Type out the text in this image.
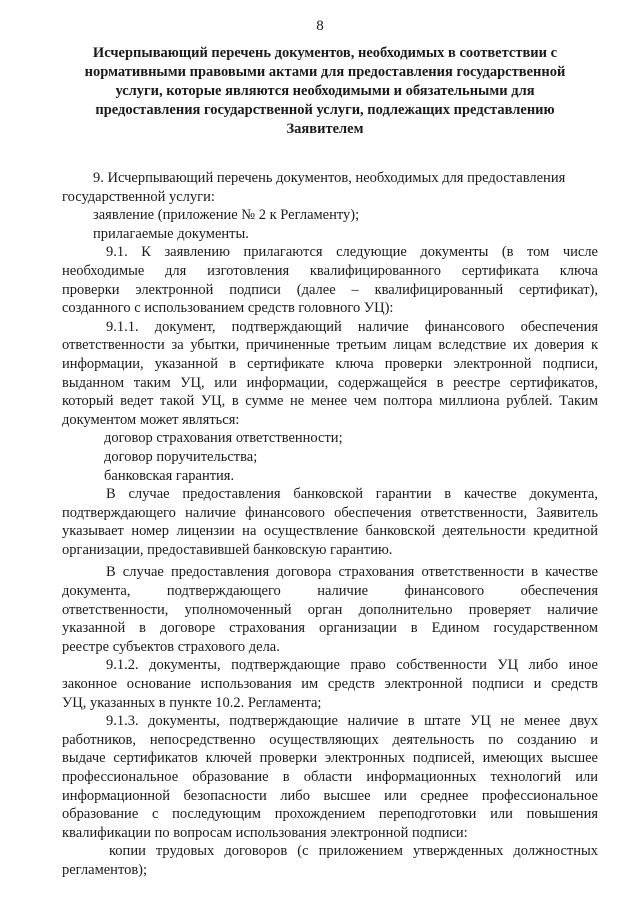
8
Исчерпывающий перечень документов, необходимых в соответствии с
нормативными правовыми актами для предоставления государственной
услуги, которые являются необходимыми и обязательными для
предоставления государственной услуги, подлежащих представлению
Заявителем
9. Исчерпывающий перечень документов, необходимых для предоставления
государственной услуги:
заявление (приложение № 2 к Регламенту);
прилагаемые документы.
9.1. К заявлению прилагаются следующие документы (в том числе
необходимые для изготовления квалифицированного сертификата ключа
проверки электронной подписи (далее – квалифицированный сертификат),
созданного с использованием средств головного УЦ):
9.1.1. документ, подтверждающий наличие финансового обеспечения
ответственности за убытки, причиненные третьим лицам вследствие их доверия к
информации, указанной в сертификате ключа проверки электронной подписи,
выданном таким УЦ, или информации, содержащейся в реестре сертификатов,
который ведет такой УЦ, в сумме не менее чем полтора миллиона рублей. Таким
документом может являться:
договор страхования ответственности;
договор поручительства;
банковская гарантия.
В случае предоставления банковской гарантии в качестве документа,
подтверждающего наличие финансового обеспечения ответственности, Заявитель
указывает номер лицензии на осуществление банковской деятельности кредитной
организации, предоставившей банковскую гарантию.
В случае предоставления договора страхования ответственности в качестве
документа, подтверждающего наличие финансового обеспечения
ответственности, уполномоченный орган дополнительно проверяет наличие
указанной в договоре страхования организации в Едином государственном
реестре субъектов страхового дела.
9.1.2. документы, подтверждающие право собственности УЦ либо иное
законное основание использования им средств электронной подписи и средств
УЦ, указанных в пункте 10.2. Регламента;
9.1.3. документы, подтверждающие наличие в штате УЦ не менее двух
работников, непосредственно осуществляющих деятельность по созданию и
выдаче сертификатов ключей проверки электронных подписей, имеющих высшее
профессиональное образование в области информационных технологий или
информационной безопасности либо высшее или среднее профессиональное
образование с последующим прохождением переподготовки или повышения
квалификации по вопросам использования электронной подписи:
копии трудовых договоров (с приложением утвержденных должностных
регламентов);
